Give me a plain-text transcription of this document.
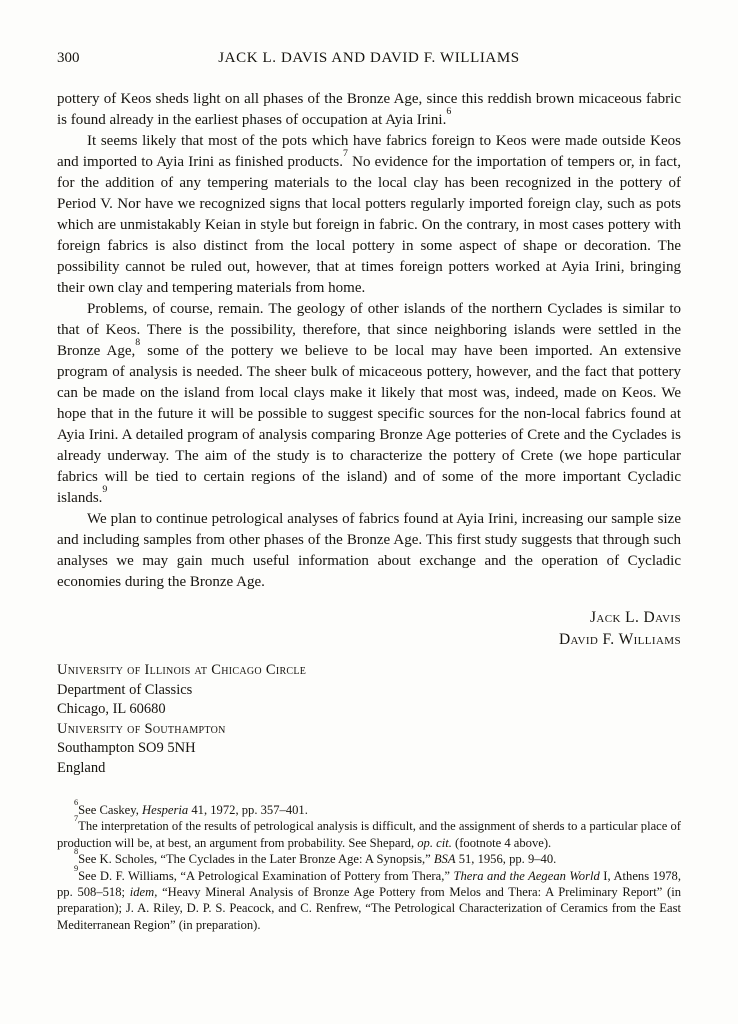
300	JACK L. DAVIS AND DAVID F. WILLIAMS

pottery of Keos sheds light on all phases of the Bronze Age, since this reddish brown micaceous fabric is found already in the earliest phases of occupation at Ayia Irini.$^6$

It seems likely that most of the pots which have fabrics foreign to Keos were made outside Keos and imported to Ayia Irini as finished products.$^7$ No evidence for the importation of tempers or, in fact, for the addition of any tempering materials to the local clay has been recognized in the pottery of Period V. Nor have we recognized signs that local potters regularly imported foreign clay, such as pots which are unmistakably Keian in style but foreign in fabric. On the contrary, in most cases pottery with foreign fabrics is also distinct from the local pottery in some aspect of shape or decoration. The possibility cannot be ruled out, however, that at times foreign potters worked at Ayia Irini, bringing their own clay and tempering materials from home.

Problems, of course, remain. The geology of other islands of the northern Cyclades is similar to that of Keos. There is the possibility, therefore, that since neighboring islands were settled in the Bronze Age,$^8$ some of the pottery we believe to be local may have been imported. An extensive program of analysis is needed. The sheer bulk of micaceous pottery, however, and the fact that pottery can be made on the island from local clays make it likely that most was, indeed, made on Keos. We hope that in the future it will be possible to suggest specific sources for the non-local fabrics found at Ayia Irini. A detailed program of analysis comparing Bronze Age potteries of Crete and the Cyclades is already underway. The aim of the study is to characterize the pottery of Crete (we hope particular fabrics will be tied to certain regions of the island) and of some of the more important Cycladic islands.$^9$

We plan to continue petrological analyses of fabrics found at Ayia Irini, increasing our sample size and including samples from other phases of the Bronze Age. This first study suggests that through such analyses we may gain much useful information about exchange and the operation of Cycladic economies during the Bronze Age.

Jack L. Davis
David F. Williams
University of Illinois at Chicago Circle
Department of Classics
Chicago, IL 60680
University of Southampton
Southampton SO9 5NH
England

$^6$See Caskey, Hesperia 41, 1972, pp. 357–401.

$^7$The interpretation of the results of petrological analysis is difficult, and the assignment of sherds to a particular place of production will be, at best, an argument from probability. See Shepard, op. cit. (footnote 4 above).

$^8$See K. Scholes, “The Cyclades in the Later Bronze Age: A Synopsis,” BSA 51, 1956, pp. 9–40.

$^9$See D. F. Williams, “A Petrological Examination of Pottery from Thera,” Thera and the Aegean World I, Athens 1978, pp. 508–518; idem, “Heavy Mineral Analysis of Bronze Age Pottery from Melos and Thera: A Preliminary Report” (in preparation); J. A. Riley, D. P. S. Peacock, and C. Renfrew, “The Petrological Characterization of Ceramics from the East Mediterranean Region” (in preparation).
